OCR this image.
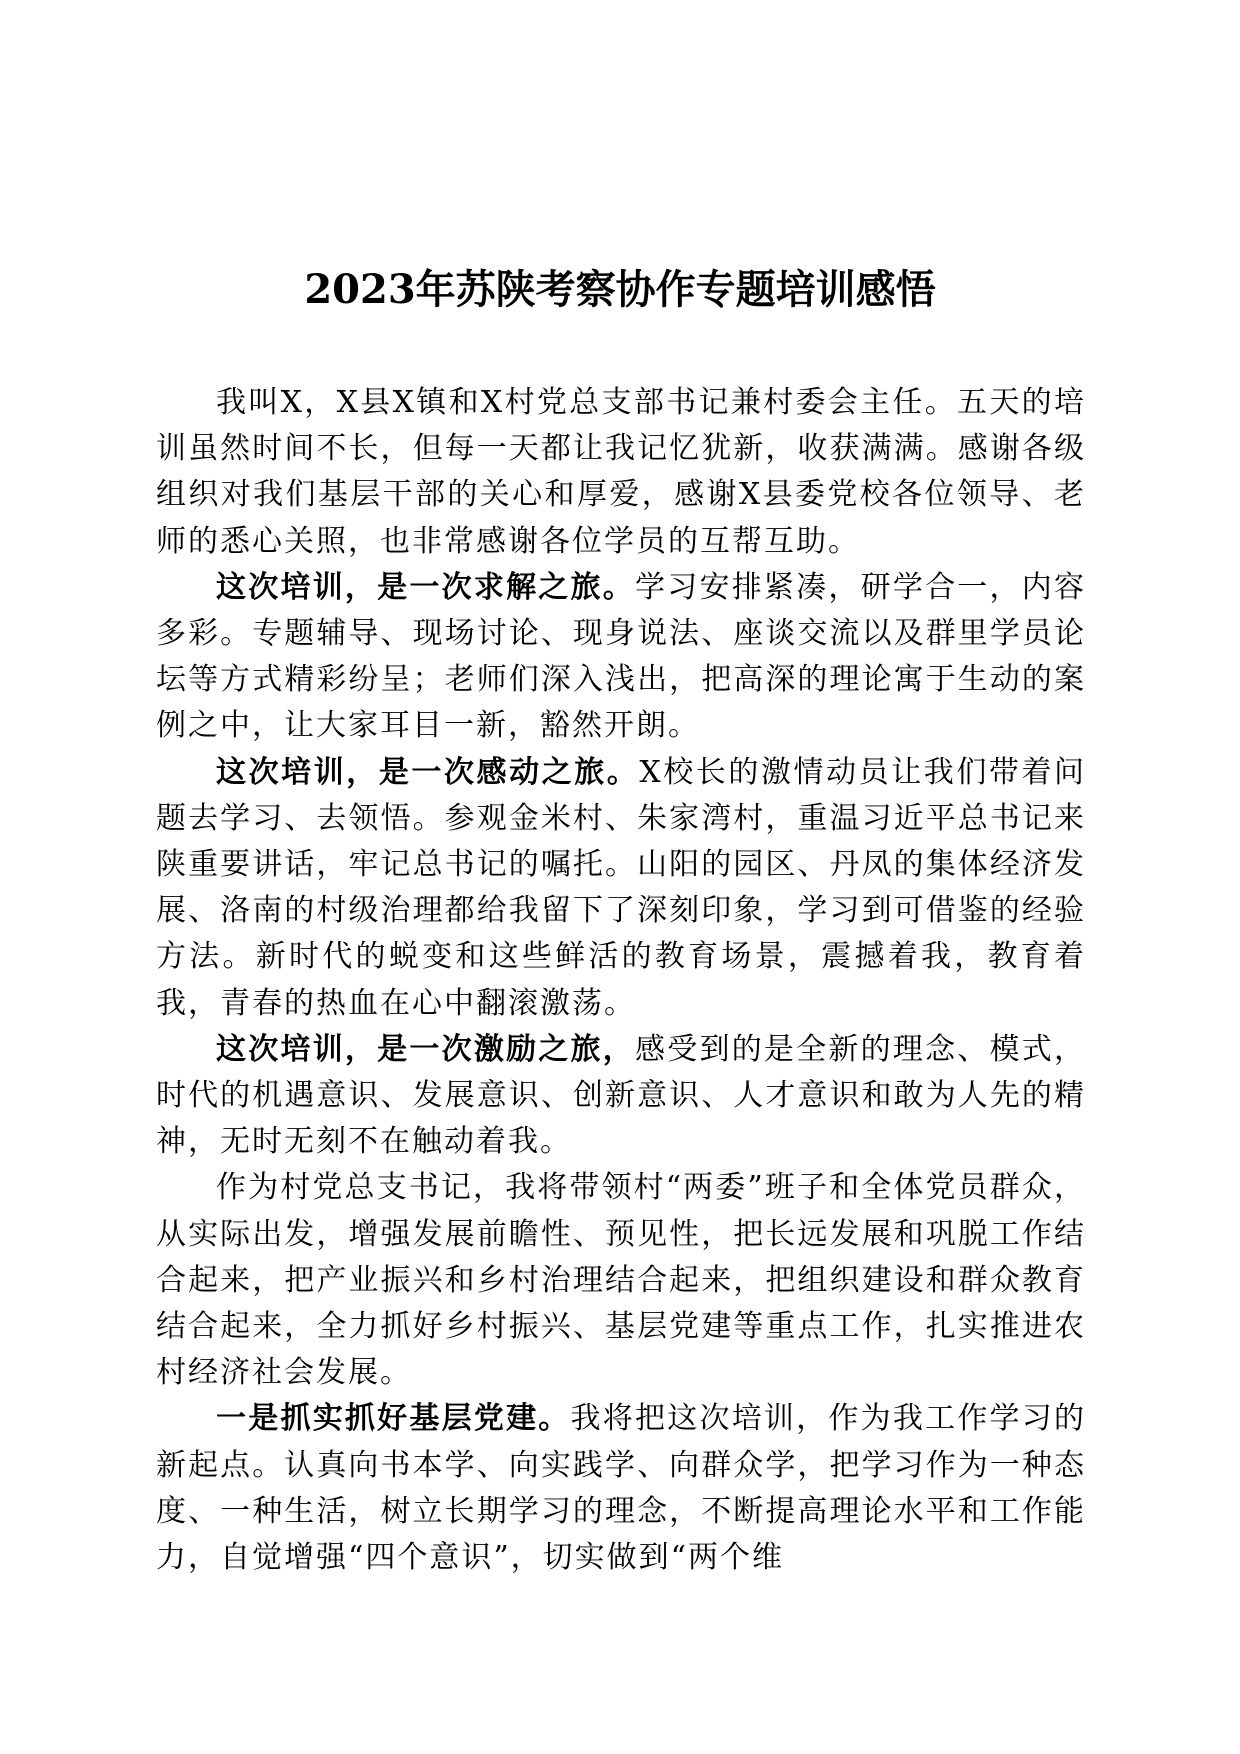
2023年苏陕考察协作专题培训感悟

我叫X，X县X镇和X村党总支部书记兼村委会主任。五天的培训虽然时间不长，但每一天都让我记忆犹新，收获满满。感谢各级组织对我们基层干部的关心和厚爱，感谢X县委党校各位领导、老师的悉心关照，也非常感谢各位学员的互帮互助。

这次培训，是一次求解之旅。学习安排紧凑，研学合一，内容多彩。专题辅导、现场讨论、现身说法、座谈交流以及群里学员论坛等方式精彩纷呈；老师们深入浅出，把高深的理论寓于生动的案例之中，让大家耳目一新，豁然开朗。

这次培训，是一次感动之旅。X校长的激情动员让我们带着问题去学习、去领悟。参观金米村、朱家湾村，重温习近平总书记来陕重要讲话，牢记总书记的嘱托。山阳的园区、丹凤的集体经济发展、洛南的村级治理都给我留下了深刻印象，学习到可借鉴的经验方法。新时代的蜕变和这些鲜活的教育场景，震撼着我，教育着我，青春的热血在心中翻滚激荡。

这次培训，是一次激励之旅，感受到的是全新的理念、模式，时代的机遇意识、发展意识、创新意识、人才意识和敢为人先的精神，无时无刻不在触动着我。

作为村党总支书记，我将带领村“两委”班子和全体党员群众，从实际出发，增强发展前瞻性、预见性，把长远发展和巩脱工作结合起来，把产业振兴和乡村治理结合起来，把组织建设和群众教育结合起来，全力抓好乡村振兴、基层党建等重点工作，扎实推进农村经济社会发展。

一是抓实抓好基层党建。我将把这次培训，作为我工作学习的新起点。认真向书本学、向实践学、向群众学，把学习作为一种态度、一种生活，树立长期学习的理念，不断提高理论水平和工作能力，自觉增强“四个意识”，切实做到“两个维
